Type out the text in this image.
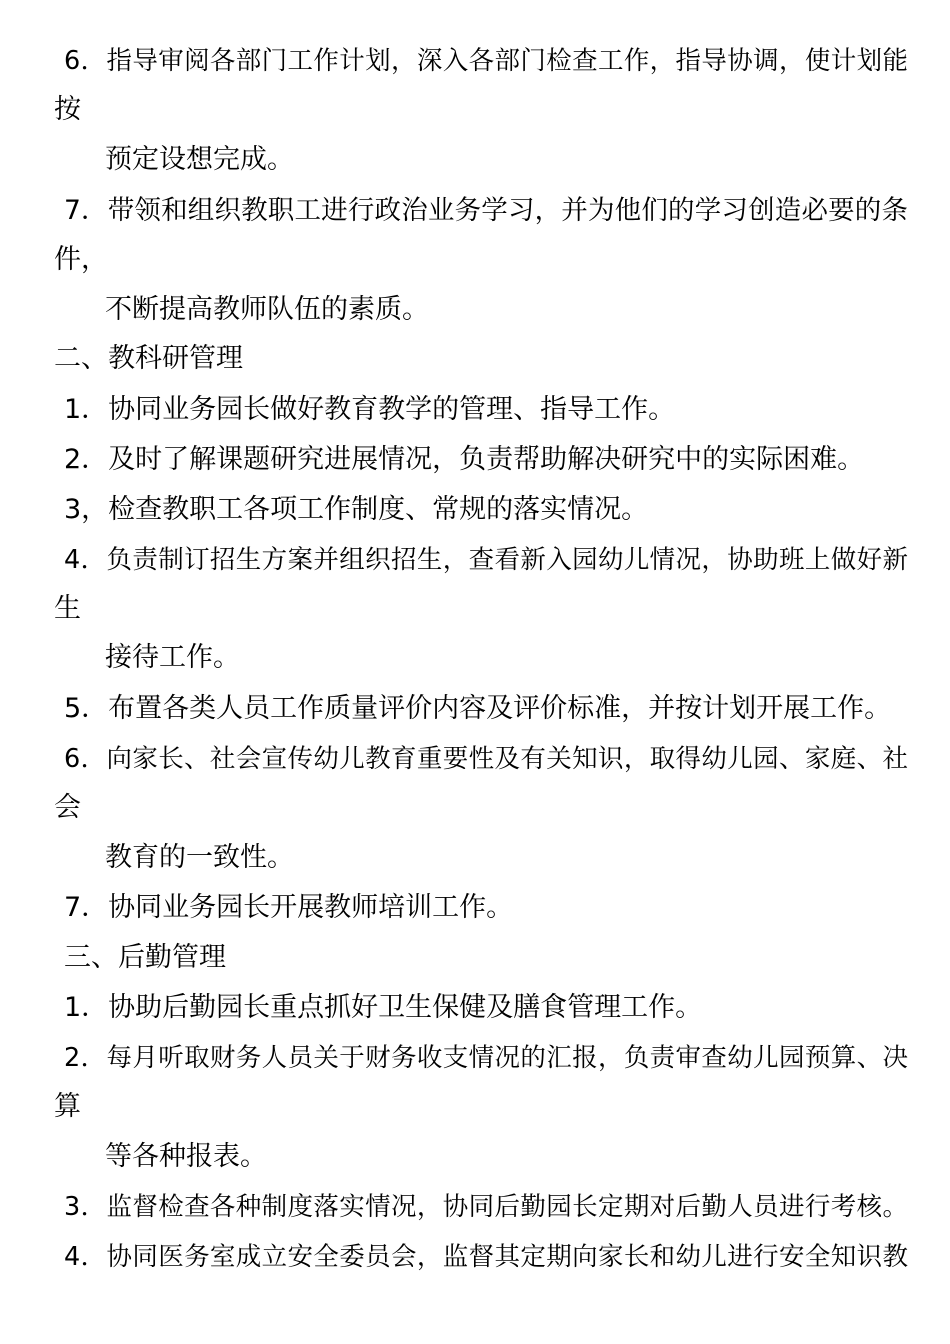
6．指导审阅各部门工作计划，深入各部门检查工作，指导协调，使计划能
按
预定设想完成。
7．带领和组织教职工进行政治业务学习，并为他们的学习创造必要的条
件，
不断提高教师队伍的素质。
二、教科研管理
1．协同业务园长做好教育教学的管理、指导工作。
2．及时了解课题研究进展情况，负责帮助解决研究中的实际困难。
3，检查教职工各项工作制度、常规的落实情况。
4．负责制订招生方案并组织招生，查看新入园幼儿情况，协助班上做好新
生
接待工作。
5．布置各类人员工作质量评价内容及评价标准，并按计划开展工作。
6．向家长、社会宣传幼儿教育重要性及有关知识，取得幼儿园、家庭、社
会
教育的一致性。
7．协同业务园长开展教师培训工作。
三、后勤管理
1．协助后勤园长重点抓好卫生保健及膳食管理工作。
2．每月听取财务人员关于财务收支情况的汇报，负责审查幼儿园预算、决
算
等各种报表。
3．监督检查各种制度落实情况，协同后勤园长定期对后勤人员进行考核。
4．协同医务室成立安全委员会，监督其定期向家长和幼儿进行安全知识教
